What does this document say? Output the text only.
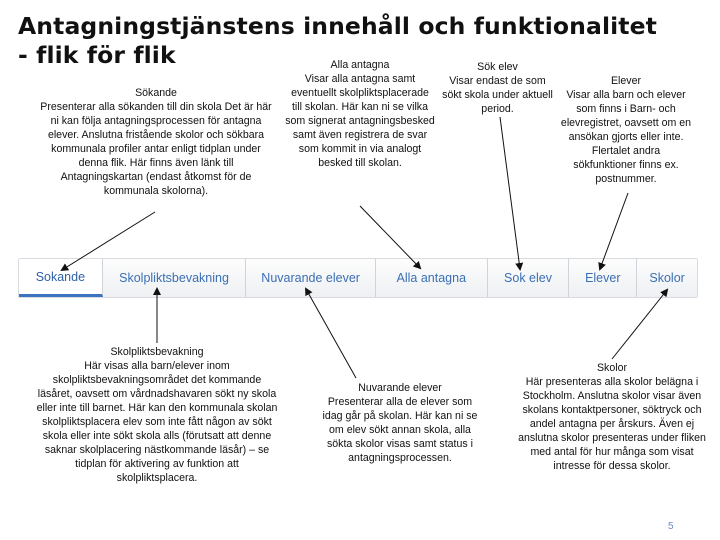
Antagningstjänstens innehåll och funktionalitet
- flik för flik
Sökande
Presenterar alla sökanden till din skola Det är här ni kan följa antagningsprocessen för antagna elever. Anslutna fristående skolor och sökbara kommunala profiler antar enligt tidplan under denna flik. Här finns även länk till Antagningskartan (endast åtkomst för de kommunala skolorna).
Alla antagna
Visar alla antagna samt eventuellt skolpliktsplacerade till skolan. Här kan ni se vilka som signerat antagningsbesked samt även registrera de svar som kommit in via analogt besked till skolan.
Sök elev
Visar endast de som sökt skola under aktuell period.
Elever
Visar alla barn och elever som finns i Barn- och elevregistret, oavsett om en ansökan gjorts eller inte. Flertalet andra sökfunktioner finns ex. postnummer.
Sokande	Skolpliktsbevakning	Nuvarande elever	Alla antagna	Sok elev	Elever Skolor
Skolpliktsbevakning
Här visas alla barn/elever inom skolpliktsbevakningsområdet det kommande läsåret, oavsett om vårdnadshavaren sökt ny skola eller inte till barnet. Här kan den kommunala skolan skolpliktsplacera elev som inte fått någon av sökt skola eller inte sökt skola alls (förutsatt att denne saknar skolplacering nästkommande läsår) – se tidplan för aktivering av funktion att skolpliktsplacera.
Nuvarande elever
Presenterar alla de elever som idag går på skolan. Här kan ni se om elev sökt annan skola, alla sökta skolor visas samt status i antagningsprocessen.
Skolor
Här presenteras alla skolor belägna i Stockholm. Anslutna skolor visar även skolans kontaktpersoner, söktryck och andel antagna per årskurs. Även ej anslutna skolor presenteras under fliken med antal för hur många som visat intresse för dessa skolor.
5
